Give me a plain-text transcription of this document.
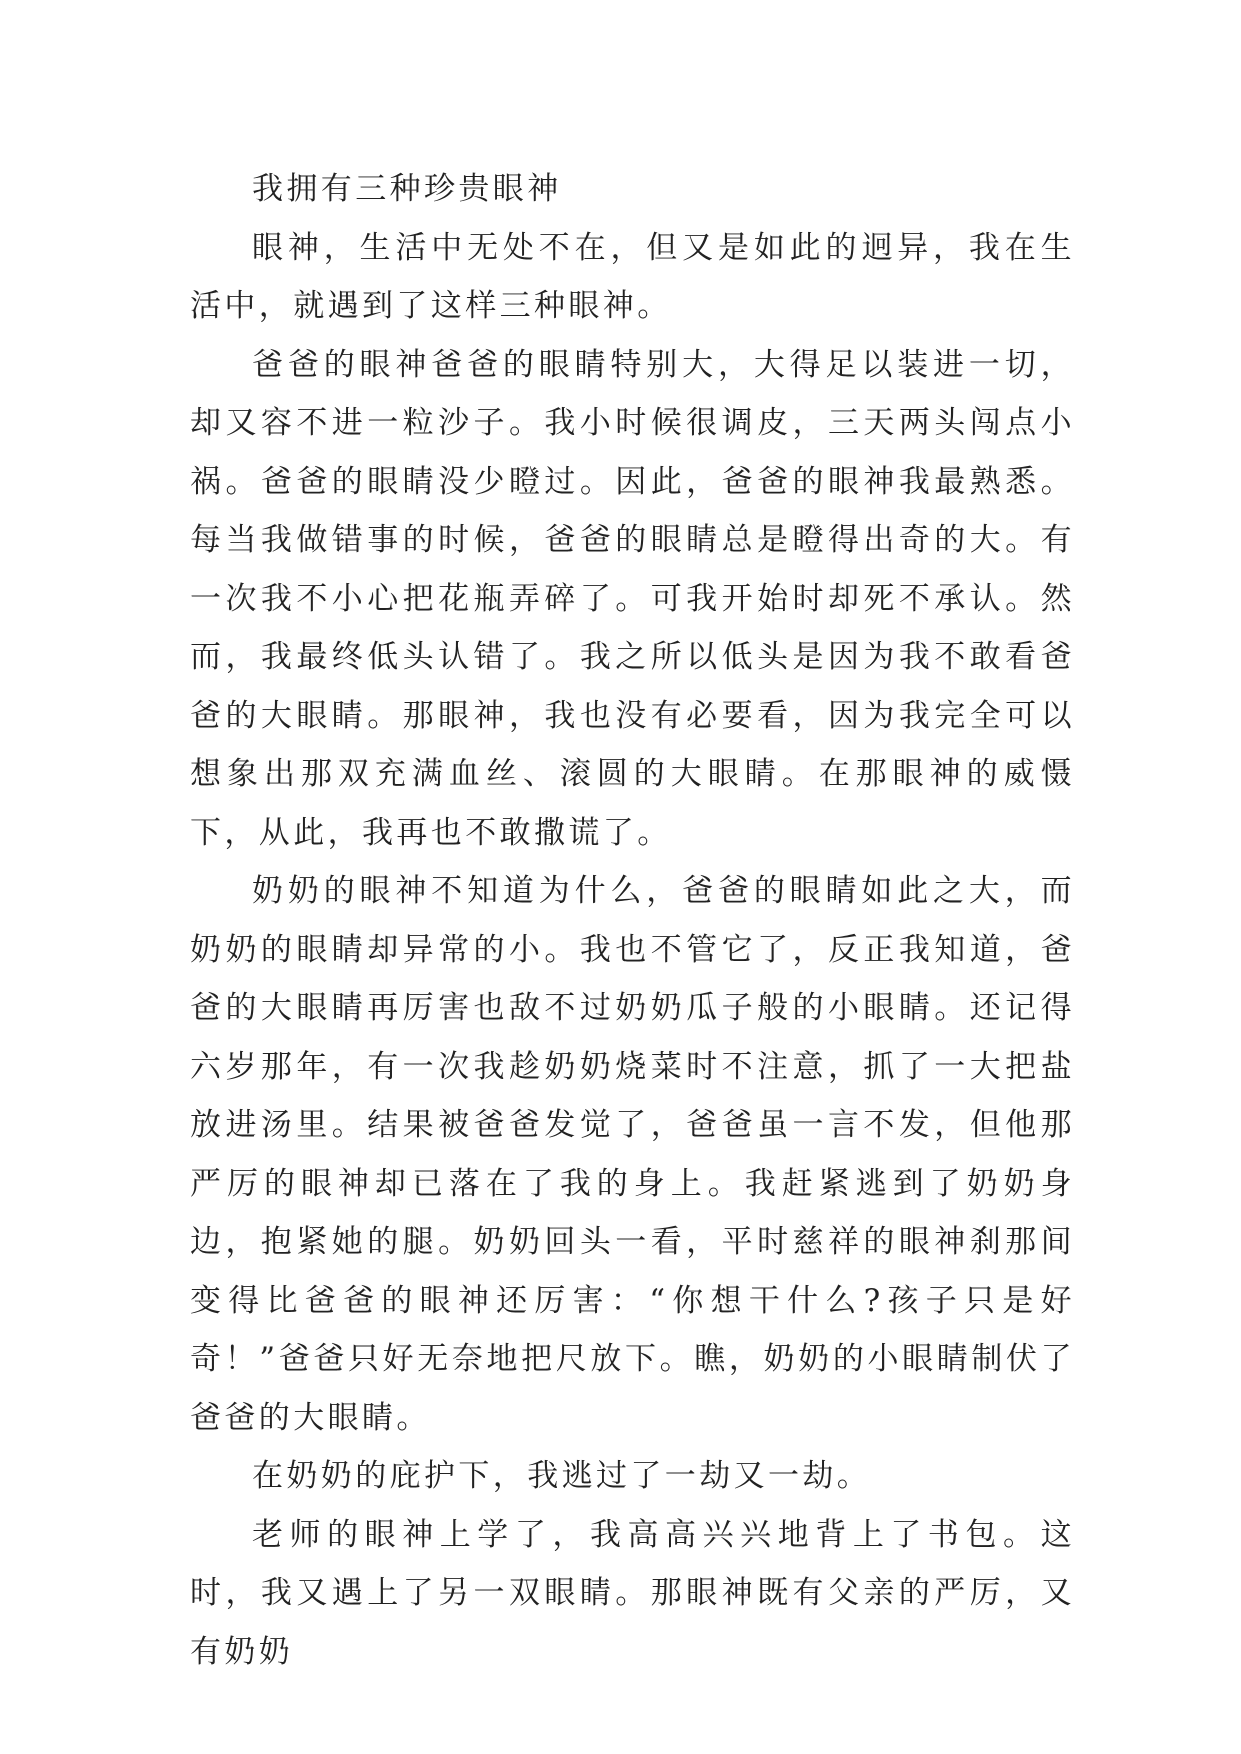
我拥有三种珍贵眼神

眼神，生活中无处不在，但又是如此的迥异，我在生活中，就遇到了这样三种眼神。

爸爸的眼神爸爸的眼睛特别大，大得足以装进一切，却又容不进一粒沙子。我小时候很调皮，三天两头闯点小祸。爸爸的眼睛没少瞪过。因此，爸爸的眼神我最熟悉。每当我做错事的时候，爸爸的眼睛总是瞪得出奇的大。有一次我不小心把花瓶弄碎了。可我开始时却死不承认。然而，我最终低头认错了。我之所以低头是因为我不敢看爸爸的大眼睛。那眼神，我也没有必要看，因为我完全可以想象出那双充满血丝、滚圆的大眼睛。在那眼神的威慑下，从此，我再也不敢撒谎了。

奶奶的眼神不知道为什么，爸爸的眼睛如此之大，而奶奶的眼睛却异常的小。我也不管它了，反正我知道，爸爸的大眼睛再厉害也敌不过奶奶瓜子般的小眼睛。还记得六岁那年，有一次我趁奶奶烧菜时不注意，抓了一大把盐放进汤里。结果被爸爸发觉了，爸爸虽一言不发，但他那严厉的眼神却已落在了我的身上。我赶紧逃到了奶奶身边，抱紧她的腿。奶奶回头一看，平时慈祥的眼神刹那间变得比爸爸的眼神还厉害：“你想干什么?孩子只是好奇！”爸爸只好无奈地把尺放下。瞧，奶奶的小眼睛制伏了爸爸的大眼睛。

在奶奶的庇护下，我逃过了一劫又一劫。

老师的眼神上学了，我高高兴兴地背上了书包。这时，我又遇上了另一双眼睛。那眼神既有父亲的严厉，又有奶奶
